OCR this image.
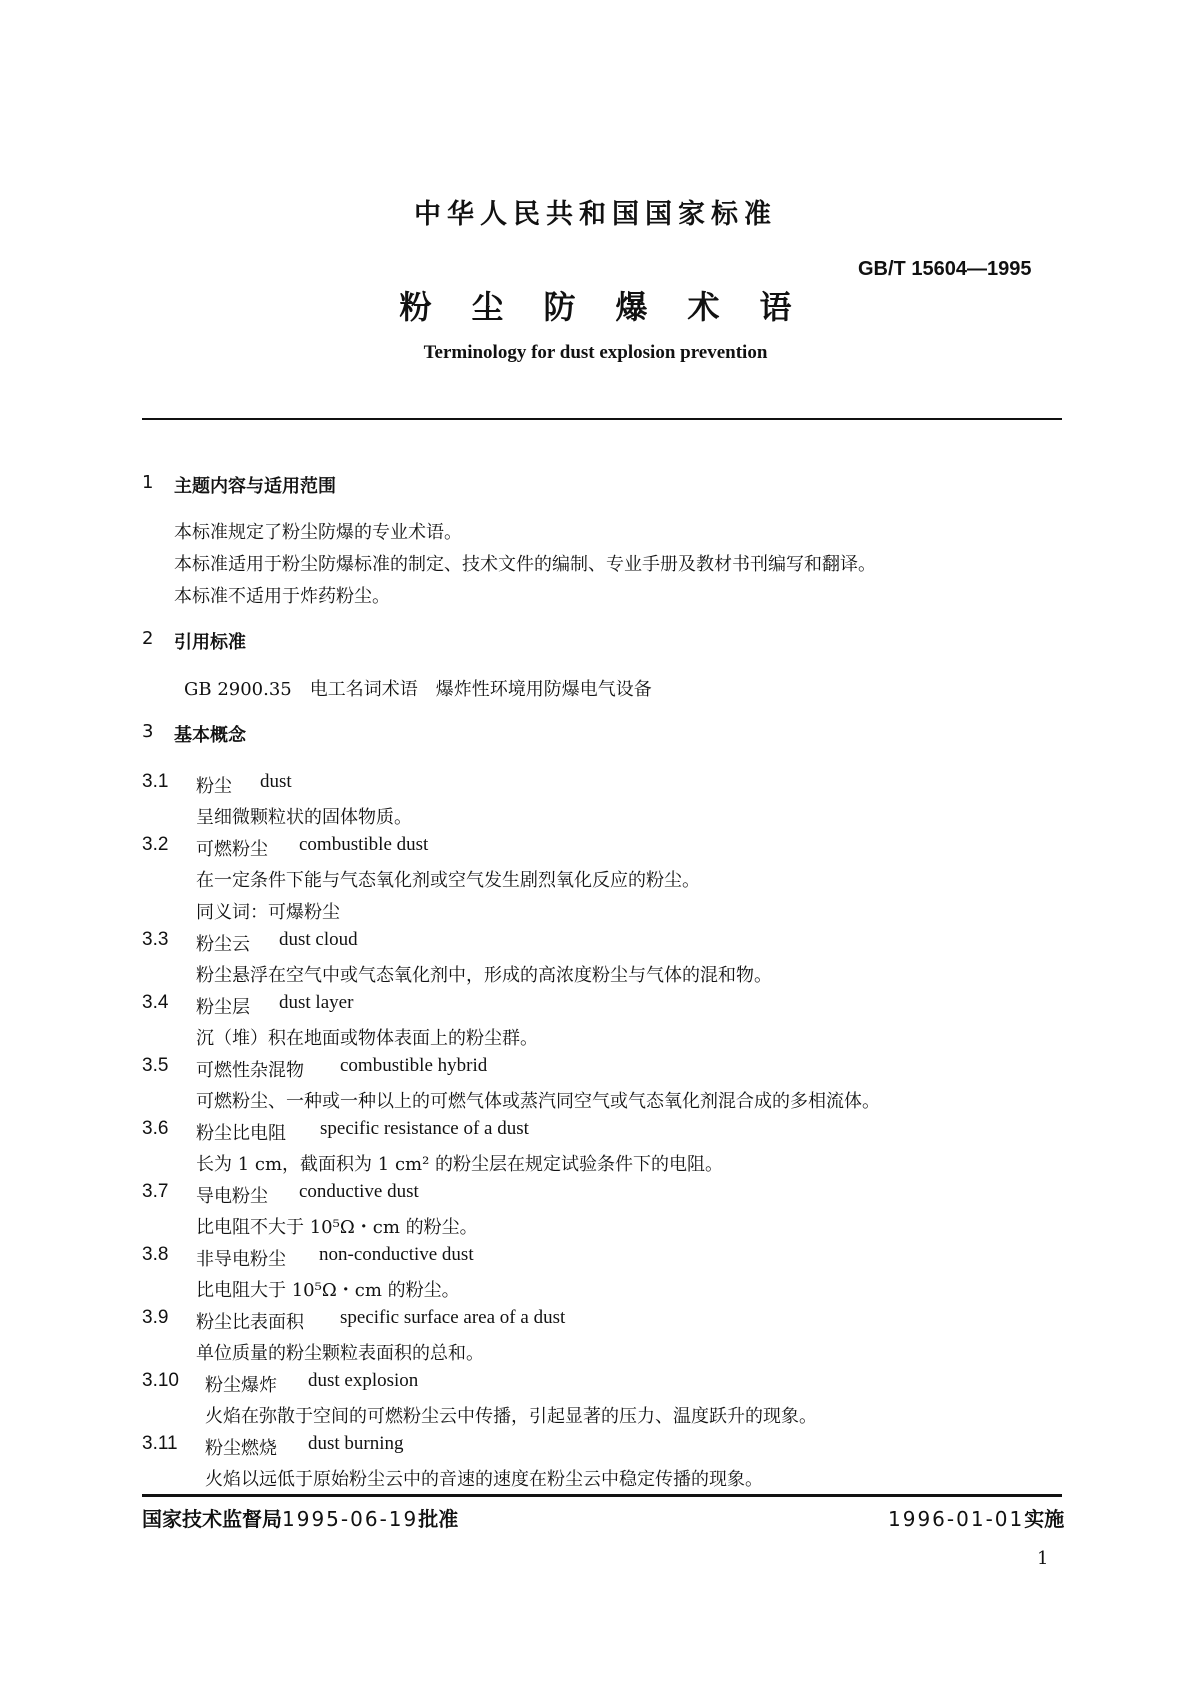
中华人民共和国国家标准
GB/T 15604—1995
粉尘防爆术语
Terminology for dust explosion prevention
1 主题内容与适用范围
本标准规定了粉尘防爆的专业术语。
本标准适用于粉尘防爆标准的制定、技术文件的编制、专业手册及教材书刊编写和翻译。
本标准不适用于炸药粉尘。
2 引用标准
GB 2900.35　电工名词术语　爆炸性环境用防爆电气设备
3 基本概念
3.1 粉尘 dust
呈细微颗粒状的固体物质。
3.2 可燃粉尘 combustible dust
在一定条件下能与气态氧化剂或空气发生剧烈氧化反应的粉尘。
同义词：可爆粉尘
3.3 粉尘云 dust cloud
粉尘悬浮在空气中或气态氧化剂中，形成的高浓度粉尘与气体的混和物。
3.4 粉尘层 dust layer
沉（堆）积在地面或物体表面上的粉尘群。
3.5 可燃性杂混物 combustible hybrid
可燃粉尘、一种或一种以上的可燃气体或蒸汽同空气或气态氧化剂混合成的多相流体。
3.6 粉尘比电阻 specific resistance of a dust
长为 1 cm，截面积为 1 cm² 的粉尘层在规定试验条件下的电阻。
3.7 导电粉尘 conductive dust
比电阻不大于 10⁵Ω・cm 的粉尘。
3.8 非导电粉尘 non-conductive dust
比电阻大于 10⁵Ω・cm 的粉尘。
3.9 粉尘比表面积 specific surface area of a dust
单位质量的粉尘颗粒表面积的总和。
3.10 粉尘爆炸 dust explosion
火焰在弥散于空间的可燃粉尘云中传播，引起显著的压力、温度跃升的现象。
3.11 粉尘燃烧 dust burning
火焰以远低于原始粉尘云中的音速的速度在粉尘云中稳定传播的现象。
国家技术监督局1995-06-19批准	1996-01-01实施
1
